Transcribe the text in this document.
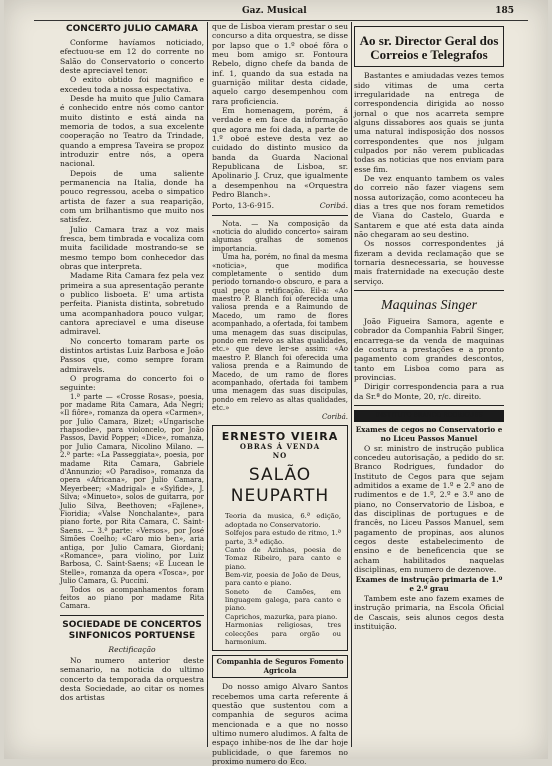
Gaz. Musical	185
CONCERTO JULIO CAMARA

Conforme havíamos noticiado, efectuou-se em 12 do corrente no Salão do Conservatorio o concerto deste apreciavel tenor.

O exito obtido foi magnifico e excedeu toda a nossa espectativa.

Desde ha muito que Julio Camara é conhecido entre nós como cantor muito distinto e está ainda na memoria de todos, a sua excelente cooperação no Teatro da Trindade, quando a empresa Taveira se propoz introduzir entre nós, a opera nacional.

Depois de uma saliente permanencia na Italia, donde ha pouco regressou, aceba o simpatico artista de fazer a sua reaparição, com um brilhantismo que muito nos satisfez.

Julio Camara traz a voz mais fresca, bem timbrada e vocaliza com muita facilidade mostrando-se se mesmo tempo bom conhecedor das obras que interpreta.

Madame Rita Camara fez pela vez primeira a sua apresentação perante o publico lisboeta. E' uma artista perfeita. Pianista distinta, sobretudo uma acompanhadora pouco vulgar, cantora apreciavel e uma diseuse admiravel.

No concerto tomaram parte os distintos artistas Luiz Barbosa e João Passos que, como sempre foram admiravels.

O programa do concerto foi o seguinte:

1.ª parte — «Crosse Rosas», poesia, por madame Rita Camara, Ada Negri; «Il fiôre», romanza da opera «Carmen», por Julio Camara, Bizet; «Ungarische rhapsodie», para violoncelo, por João Passos, David Popper; «Dice», romanza, por Julio Camara, Nicolino Milano. — 2.ª parte: «La Passeggiata», poesia, por madame Rita Camara, Gabriele d'Annunzio; «O Paradiso», romanza da opera «Africana», por Julio Camara, Meyerbeer; «Madrigal» e «Sylfide», J. Silva; «Minueto», solos de guitarra, por Julio Silva, Beethoven; «Fajlene», Fioridia; «Valse Nonchalante», para piano forte, por Rita Camara, C. Saint-Saens. — 3.ª parte: «Versos», por José Simões Coelho; «Caro mio ben», aria antiga, por Julio Camara, Giordani; «Romance», para violino, por Luiz Barbosa, C. Saint-Saens; «E Lucean le Stelle», romanza da opera «Tosca», por Julio Camara, G. Puccini.

Todos os acompanhamentos foram feitos ao piano por madame Rita Camara.

SOCIEDADE DE CONCERTOS SINFONICOS PORTUENSE
Rectificação

No numero anterior deste semanario, na noticia do ultimo concerto da temporada da orquestra desta Sociedade, ao citar os nomes dos artistas

que de Lisboa vieram prestar o seu concurso a dita orquestra, se disse por lapso que o 1.º oboé fôra o meu bom amigo sr. Fontoura Rebelo, digno chefe da banda de inf. 1, quando da sua estada na guarnição militar desta cidade, aquelo cargo desempenhou com rara proficiencia.

Em homenagem, porém, á verdade e em face da informação que agora me foi dada, a parte de 1.º oboé esteve desta vez ao cuidado do distinto musico da banda da Guarda Nacional Republicana de Lisboa, sr. Apolinario J. Cruz, que igualmente a desempenhou na «Orquestra Pedro Blanch».

Porto, 13-6-915.	Coribá.

Nota. — Na composição da «noticia do aludido concerto» sairam algumas gralhas de somenos importancia.

Uma ha, porém, no final da mesma «noticia», que modifica completamente o sentido dum periodo tornando-o obscuro, e para a qual peço a retificação. Eil-a: «Ao maestro P. Blanch foi oferecida uma valiosa prenda e a Raimundo de Macedo, um ramo de flores acompanhado, a ofertada, foi tambem uma menagem das suas discipulas, pondo em relevo as altas qualidades, etc.» que deve ler-se assim: «Ao maestro P. Blanch foi oferecida uma valiosa prenda e a Raimundo de Macedo, de um ramo de flores acompanhado, ofertada foi tambem uma menagem das suas discipulas, pondo em relevo as altas qualidades, etc.»

Coribá.
ERNESTO VIEIRA
OBRAS Á VENDA
NO
SALÃO NEUPARTH

Teoria da musica, 6.ª edição, adoptada no Conservatorio.

Solfejos para estudo de ritmo, 1.ª parte, 3.ª edição.

Canto de Azinhas, poesia de Tomaz Ribeiro, para canto e piano.

Bem-vir, poesia de João de Deus, para canto e piano.

Soneto de Camões, em linguagem galega, para canto e piano.

Caprichos, mazurka, para piano.

Harmonias religiosas, tres colecções para orgão ou harmonium.

Companhia de Seguros Fomento Agricola

Do nosso amigo Alvaro Santos recebemos uma carta referente á questão que sustentou com a companhia de seguros acima mencionada e a que no nosso ultimo numero aludimos. A falta de espaço inhibe-nos de lhe dar hoje publicidade, o que faremos no proximo numero do Eco.

Ao sr. Director Geral dos Correios e Telegrafos

Bastantes e amiudadas vezes temos sido vitimas de uma certa irregularidade na entrega de correspondencia dirigida ao nosso jornal o que nos acarreta sempre alguns dissabores aos quais se junta uma natural indisposição dos nossos correspondentes que nos julgam culpados por não verem publicadas todas as noticias que nos enviam para esse fim.

De vez enquanto tambem os vales do correio não fazer viagens sem nossa autorização, como aconteceu ha dias a tres que nos foram remetidos de Viana do Castelo, Guarda e Santarem e que até esta data ainda não chegaram ao seu destino.

Os nossos correspondentes já fizeram a devida reclamação que se tornaria desnecessaria, se houvesse mais fraternidade na execução deste serviço.

Maquinas Singer

João Figueira Samora, agente e cobrador da Companhia Fabril Singer, encarrega-se da venda de maquinas de costura a prestações e a pronto pagamento com grandes descontos, tanto em Lisboa como para as provincias.

Dirigir correspondencia para a rua da Sr.ª do Monte, 20, r/c. direito.

INSTITUTO BRANCO RODRIGUES
Exames de cegos no Conservatorio e no Liceu Passos Manuel

O sr. ministro de instrução publica concedeu autorisação, a pedido do sr. Branco Rodrigues, fundador do Instituto de Cegos para que sejam admitidos a exame de 1.º e 2.º ano de rudimentos e de 1.º, 2.º e 3.º ano de piano, no Conservatorio de Lisboa, e das disciplinas de portugues e de francês, no Liceu Passos Manuel, sem pagamento de propinas, aos alunos cegos deste estabelecimento de ensino e de beneficencia que se acham habilitados naquelas disciplinas, em numero de dezenove.

Exames de instrução primaria de 1.º e 2.º grau

Tambem este ano fazem exames de instrução primaria, na Escola Oficial de Cascais, seis alunos cegos desta instituição.
